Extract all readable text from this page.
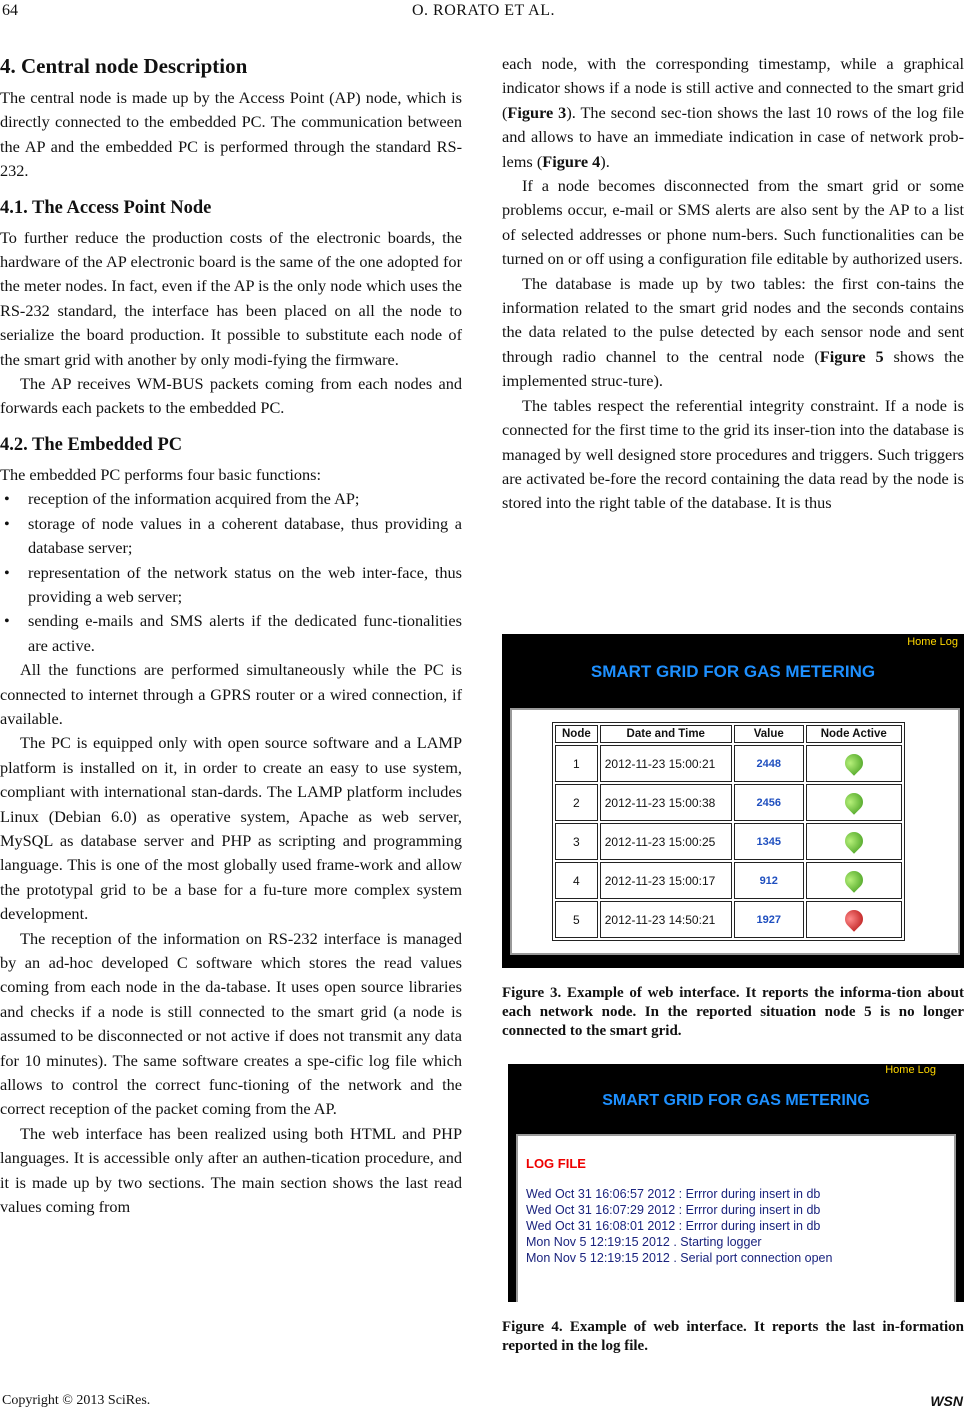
64	O. RORATO ET AL.
4. Central node Description

The central node is made up by the Access Point (AP) node, which is directly connected to the embedded PC. The communication between the AP and the embedded PC is performed through the standard RS-232.

4.1. The Access Point Node

To further reduce the production costs of the electronic boards, the hardware of the AP electronic board is the same of the one adopted for the meter nodes. In fact, even if the AP is the only node which uses the RS-232 standard, the interface has been placed on all the node to serialize the board production. It possible to substitute each node of the smart grid with another by only modi-fying the firmware.

The AP receives WM-BUS packets coming from each nodes and forwards each packets to the embedded PC.

4.2. The Embedded PC

The embedded PC performs four basic functions:

• reception of the information acquired from the AP;
• storage of node values in a coherent database, thus providing a database server;
• representation of the network status on the web inter-face, thus providing a web server;
• sending e-mails and SMS alerts if the dedicated func-tionalities are active.

All the functions are performed simultaneously while the PC is connected to internet through a GPRS router or a wired connection, if available.

The PC is equipped only with open source software and a LAMP platform is installed on it, in order to create an easy to use system, compliant with international stan-dards. The LAMP platform includes Linux (Debian 6.0) as operative system, Apache as web server, MySQL as database server and PHP as scripting and programming language. This is one of the most globally used frame-work and allow the prototypal grid to be a base for a fu-ture more complex system development.

The reception of the information on RS-232 interface is managed by an ad-hoc developed C software which stores the read values coming from each node in the da-tabase. It uses open source libraries and checks if a node is still connected to the smart grid (a node is assumed to be disconnected or not active if does not transmit any data for 10 minutes). The same software creates a spe-cific log file which allows to control the correct func-tioning of the network and the correct reception of the packet coming from the AP.

The web interface has been realized using both HTML and PHP languages. It is accessible only after an authen-tication procedure, and it is made up by two sections. The main section shows the last read values coming from

each node, with the corresponding timestamp, while a graphical indicator shows if a node is still active and connected to the smart grid (Figure 3). The second sec-tion shows the last 10 rows of the log file and allows to have an immediate indication in case of network prob-lems (Figure 4).

If a node becomes disconnected from the smart grid or some problems occur, e-mail or SMS alerts are also sent by the AP to a list of selected addresses or phone num-bers. Such functionalities can be turned on or off using a configuration file editable by authorized users.

The database is made up by two tables: the first con-tains the information related to the smart grid nodes and the seconds contains the data related to the pulse detected by each sensor node and sent through radio channel to the central node (Figure 5 shows the implemented struc-ture).

The tables respect the referential integrity constraint. If a node is connected for the first time to the grid its inser-tion into the database is managed by well designed store procedures and triggers. Such triggers are activated be-fore the record containing the data read by the node is stored into the right table of the database. It is thus

Home Log
SMART GRID FOR GAS METERING
Node	Date and Time	Value	Node Active
1	2012-11-23 15:00:21	2448	
2	2012-11-23 15:00:38	2456	
3	2012-11-23 15:00:25	1345	
4	2012-11-23 15:00:17	912	
5	2012-11-23 14:50:21	1927	
Figure 3. Example of web interface. It reports the informa-tion about each network node. In the reported situation node 5 is no longer connected to the smart grid.
Home Log
SMART GRID FOR GAS METERING
LOG FILE
Wed Oct 31 16:06:57 2012 : Errror during insert in db
Wed Oct 31 16:07:29 2012 : Errror during insert in db
Wed Oct 31 16:08:01 2012 : Errror during insert in db
Mon Nov 5 12:19:15 2012 . Starting logger
Mon Nov 5 12:19:15 2012 . Serial port connection open
Figure 4. Example of web interface. It reports the last in-formation reported in the log file.
Copyright © 2013 SciRes.	WSN
